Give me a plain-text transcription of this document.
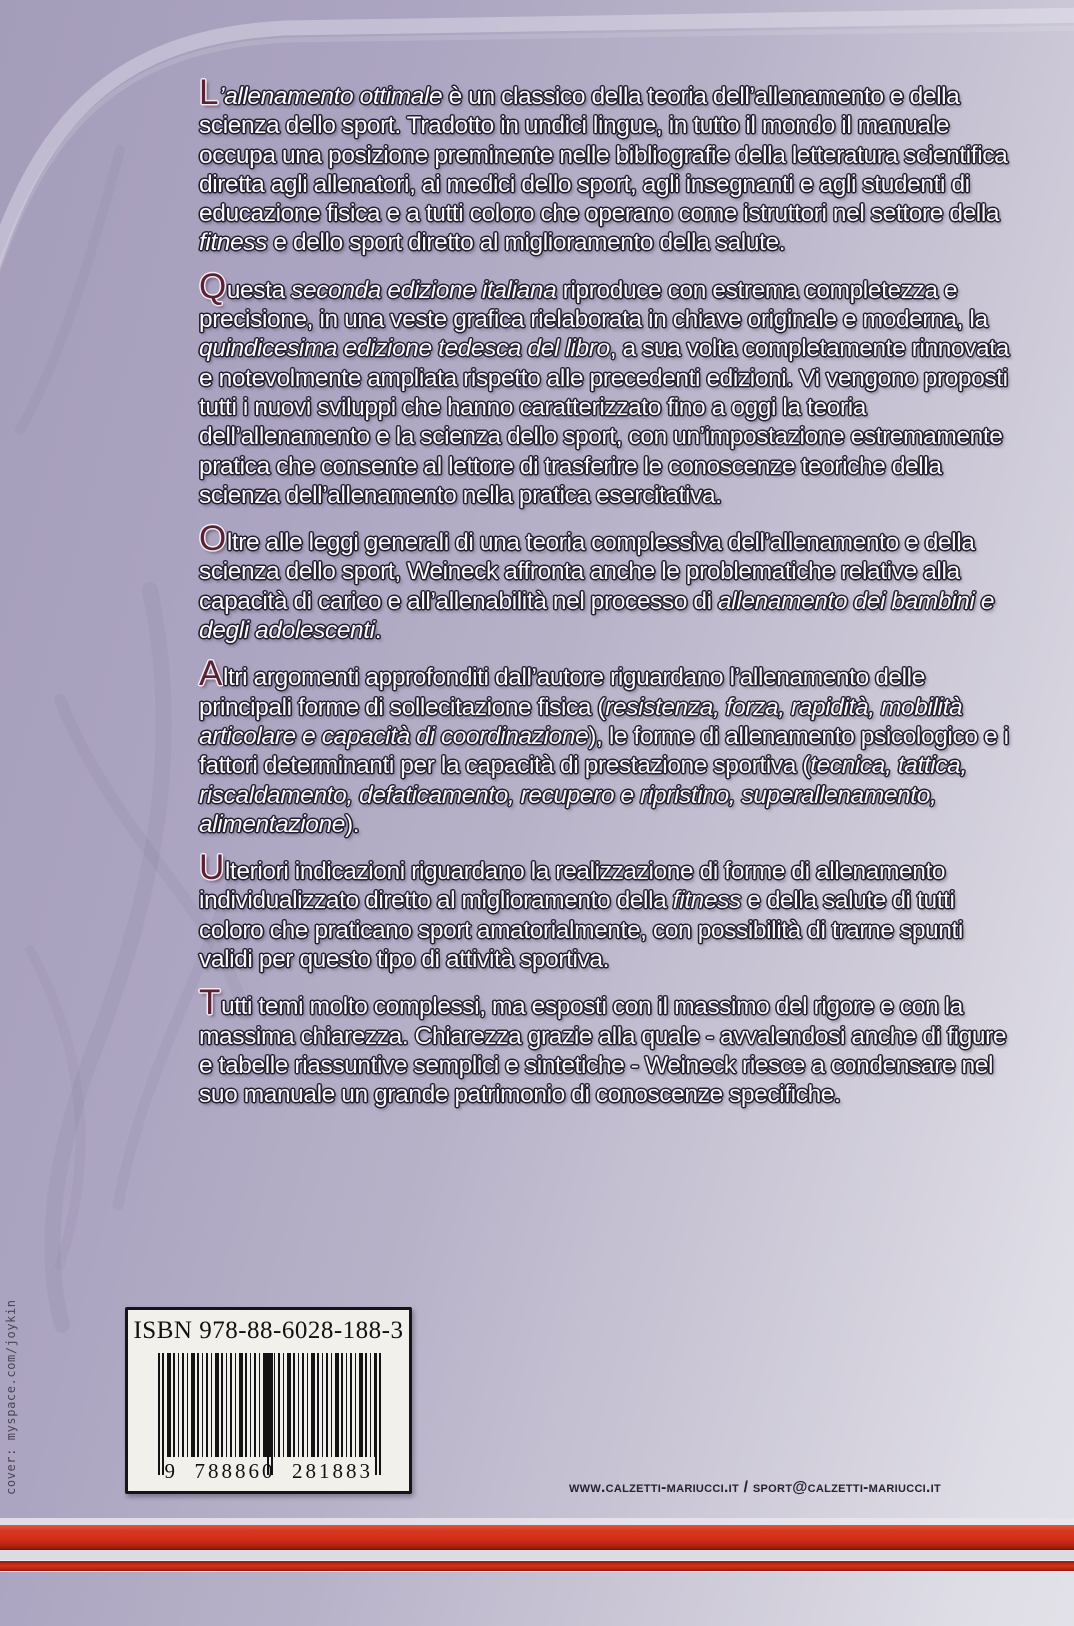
L’allenamento ottimale è un classico della teoria dell’allenamento e della scienza dello sport. Tradotto in undici lingue, in tutto il mondo il manuale occupa una posizione preminente nelle bibliografie della letteratura scientifica diretta agli allenatori, ai medici dello sport, agli insegnanti e agli studenti di educazione fisica e a tutti coloro che operano come istruttori nel settore della fitness e dello sport diretto al miglioramento della salute.

Questa seconda edizione italiana riproduce con estrema completezza e precisione, in una veste grafica rielaborata in chiave originale e moderna, la quindicesima edizione tedesca del libro, a sua volta completamente rinnovata e notevolmente ampliata rispetto alle precedenti edizioni. Vi vengono proposti tutti i nuovi sviluppi che hanno caratterizzato fino a oggi la teoria dell’allenamento e la scienza dello sport, con un’impostazione estremamente pratica che consente al lettore di trasferire le conoscenze teoriche della scienza dell’allenamento nella pratica esercitativa.

Oltre alle leggi generali di una teoria complessiva dell’allenamento e della scienza dello sport, Weineck affronta anche le problematiche relative alla capacità di carico e all’allenabilità nel processo di allenamento dei bambini e degli adolescenti.

Altri argomenti approfonditi dall’autore riguardano l’allenamento delle principali forme di sollecitazione fisica (resistenza, forza, rapidità, mobilità articolare e capacità di coordinazione), le forme di allenamento psicologico e i fattori determinanti per la capacità di prestazione sportiva (tecnica, tattica, riscaldamento, defaticamento, recupero e ripristino, superallenamento, alimentazione).

Ulteriori indicazioni riguardano la realizzazione di forme di allenamento individualizzato diretto al miglioramento della fitness e della salute di tutti coloro che praticano sport amatorialmente, con possibilità di trarne spunti validi per questo tipo di attività sportiva.

Tutti temi molto complessi, ma esposti con il massimo del rigore e con la massima chiarezza. Chiarezza grazie alla quale - avvalendosi anche di figure e tabelle riassuntive semplici e sintetiche - Weineck riesce a condensare nel suo manuale un grande patrimonio di conoscenze specifiche.

ISBN 978-88-6028-188-3
9  788860  281883
www.calzetti-mariucci.it / sport@calzetti-mariucci.it
cover: myspace.com/joykin
